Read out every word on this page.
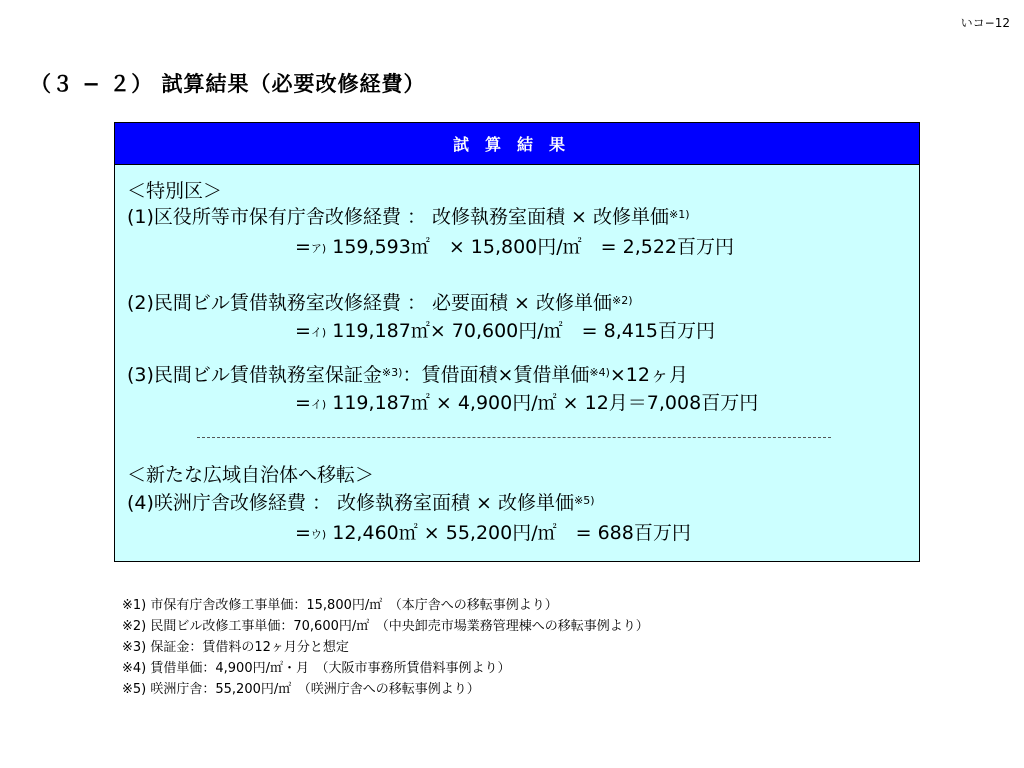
いコ−12
（３ − ２） 試算結果（必要改修経費）
試算結果
＜特別区＞
(1)区役所等市保有庁舎改修経費 ： 改修執務室面積 × 改修単価$^{※1)}$
=$^{ア)}$ 159,593㎡　× 15,800円/㎡　= 2,522百万円
(2)民間ビル賃借執務室改修経費 ： 必要面積 × 改修単価$^{※2)}$
=$^{イ)}$ 119,187㎡× 70,600円/㎡　= 8,415百万円
(3)民間ビル賃借執務室保証金$^{※3)}$：賃借面積×賃借単価$^{※4)}$×12ヶ月
=$^{イ)}$ 119,187㎡ × 4,900円/㎡ × 12月＝7,008百万円
＜新たな広域自治体へ移転＞
(4)咲洲庁舎改修経費 ： 改修執務室面積 × 改修単価$^{※5)}$
=$^{ウ)}$ 12,460㎡ × 55,200円/㎡　= 688百万円
※1) 市保有庁舎改修工事単価：15,800円/㎡　（本庁舎への移転事例より）
※2) 民間ビル改修工事単価：70,600円/㎡　（中央卸売市場業務管理棟への移転事例より）
※3) 保証金：賃借料の12ヶ月分と想定
※4) 賃借単価：4,900円/㎡・月　（大阪市事務所賃借料事例より）
※5) 咲洲庁舎：55,200円/㎡　（咲洲庁舎への移転事例より）
